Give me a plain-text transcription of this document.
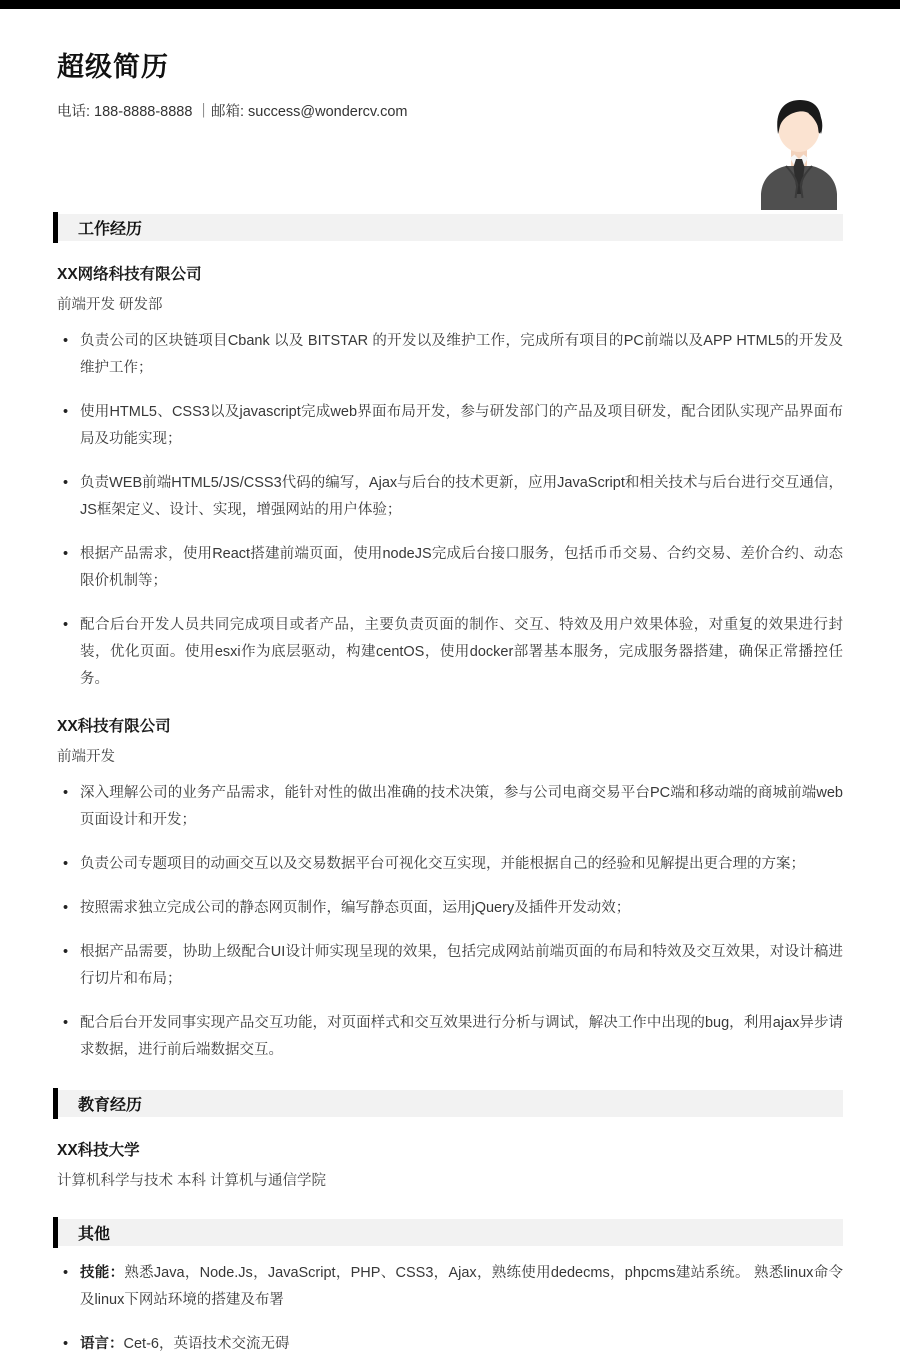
超级简历
电话: 188-8888-8888 ｜邮箱: success@wondercv.com
工作经历
XX网络科技有限公司
前端开发 研发部
• 负责公司的区块链项目Cbank 以及 BITSTAR 的开发以及维护工作，完成所有项目的PC前端以及APP HTML5的开发及维护工作；
• 使用HTML5、CSS3以及javascript完成web界面布局开发，参与研发部门的产品及项目研发，配合团队实现产品界面布局及功能实现；
• 负责WEB前端HTML5/JS/CSS3代码的编写，Ajax与后台的技术更新，应用JavaScript和相关技术与后台进行交互通信，JS框架定义、设计、实现，增强网站的用户体验；
• 根据产品需求，使用React搭建前端页面，使用nodeJS完成后台接口服务，包括币币交易、合约交易、差价合约、动态限价机制等；
• 配合后台开发人员共同完成项目或者产品，主要负责页面的制作、交互、特效及用户效果体验，对重复的效果进行封装，优化页面。使用esxi作为底层驱动，构建centOS，使用docker部署基本服务，完成服务器搭建，确保正常播控任务。
XX科技有限公司
前端开发
• 深入理解公司的业务产品需求，能针对性的做出准确的技术决策，参与公司电商交易平台PC端和移动端的商城前端web页面设计和开发；
• 负责公司专题项目的动画交互以及交易数据平台可视化交互实现，并能根据自己的经验和见解提出更合理的方案；
• 按照需求独立完成公司的静态网页制作，编写静态页面，运用jQuery及插件开发动效；
• 根据产品需要，协助上级配合UI设计师实现呈现的效果，包括完成网站前端页面的布局和特效及交互效果，对设计稿进行切片和布局；
• 配合后台开发同事实现产品交互功能，对页面样式和交互效果进行分析与调试，解决工作中出现的bug，利用ajax异步请求数据，进行前后端数据交互。
教育经历
XX科技大学
计算机科学与技术 本科 计算机与通信学院
其他
• 技能：熟悉Java，Node.Js，JavaScript，PHP、CSS3，Ajax，熟练使用dedecms，phpcms建站系统。 熟悉linux命令及linux下网站环境的搭建及布署
• 语言：Cet-6，英语技术交流无碍
